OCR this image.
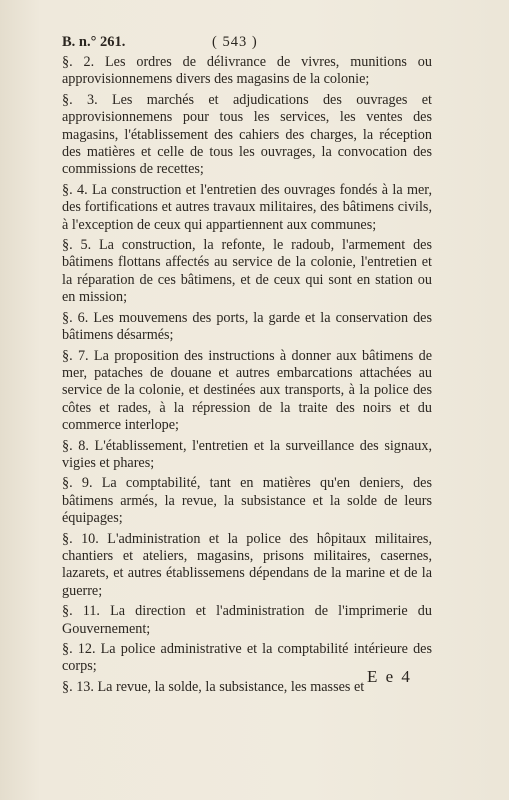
B. n.° 261.	( 543 )

§. 2. Les ordres de délivrance de vivres, munitions ou approvisionnemens divers des magasins de la colonie;

§. 3. Les marchés et adjudications des ouvrages et approvisionnemens pour tous les services, les ventes des magasins, l'établissement des cahiers des charges, la réception des matières et celle de tous les ouvrages, la convocation des commissions de recettes;

§. 4. La construction et l'entretien des ouvrages fondés à la mer, des fortifications et autres travaux militaires, des bâtimens civils, à l'exception de ceux qui appartiennent aux communes;

§. 5. La construction, la refonte, le radoub, l'armement des bâtimens flottans affectés au service de la colonie, l'entretien et la réparation de ces bâtimens, et de ceux qui sont en station ou en mission;

§. 6. Les mouvemens des ports, la garde et la conservation des bâtimens désarmés;

§. 7. La proposition des instructions à donner aux bâtimens de mer, pataches de douane et autres embarcations attachées au service de la colonie, et destinées aux transports, à la police des côtes et rades, à la répression de la traite des noirs et du commerce interlope;

§. 8. L'établissement, l'entretien et la surveillance des signaux, vigies et phares;

§. 9. La comptabilité, tant en matières qu'en deniers, des bâtimens armés, la revue, la subsistance et la solde de leurs équipages;

§. 10. L'administration et la police des hôpitaux militaires, chantiers et ateliers, magasins, prisons militaires, casernes, lazarets, et autres établissemens dépendans de la marine et de la guerre;

§. 11. La direction et l'administration de l'imprimerie du Gouvernement;

§. 12. La police administrative et la comptabilité intérieure des corps;

§. 13. La revue, la solde, la subsistance, les masses et

E e 4
